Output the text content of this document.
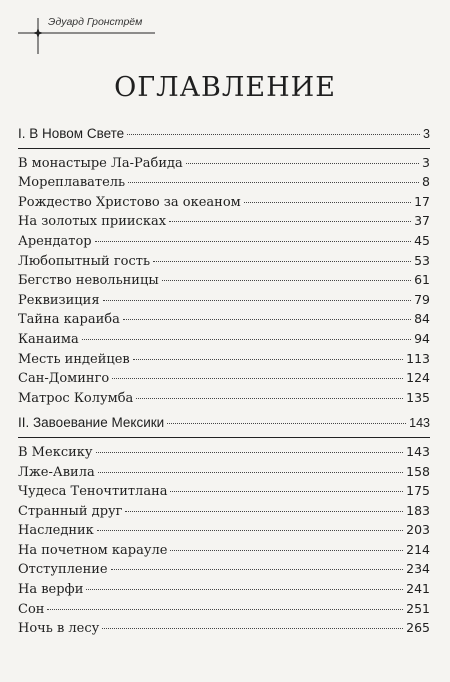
Эдуард Гронстрём
ОГЛАВЛЕНИЕ
I. В Новом Свете	3
В монастыре Ла-Рабида	3
Мореплаватель	8
Рождество Христово за океаном	17
На золотых приисках	37
Арендатор	45
Любопытный гость	53
Бегство невольницы	61
Реквизиция	79
Тайна караиба	84
Канаима	94
Месть индейцев	113
Сан-Доминго	124
Матрос Колумба	135
II. Завоевание Мексики	143
В Мексику	143
Лже-Авила	158
Чудеса Теночтитлана	175
Странный друг	183
Наследник	203
На почетном карауле	214
Отступление	234
На верфи	241
Сон	251
Ночь в лесу	265
